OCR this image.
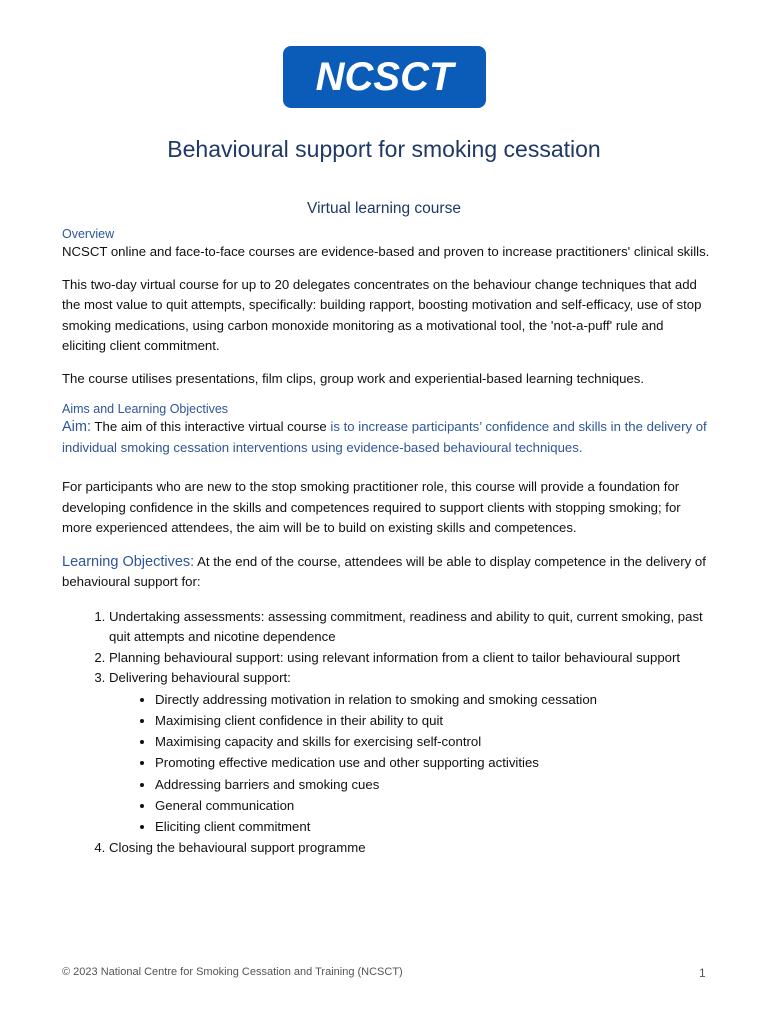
NCSCT
Behavioural support for smoking cessation
Virtual learning course
Overview

NCSCT online and face-to-face courses are evidence-based and proven to increase practitioners' clinical skills.

This two-day virtual course for up to 20 delegates concentrates on the behaviour change techniques that add the most value to quit attempts, specifically: building rapport, boosting motivation and self-efficacy, use of stop smoking medications, using carbon monoxide monitoring as a motivational tool, the 'not-a-puff' rule and eliciting client commitment.

The course utilises presentations, film clips, group work and experiential-based learning techniques.

Aims and Learning Objectives

Aim: The aim of this interactive virtual course is to increase participants’ confidence and skills in the delivery of individual smoking cessation interventions using evidence-based behavioural techniques.

For participants who are new to the stop smoking practitioner role, this course will provide a foundation for developing confidence in the skills and competences required to support clients with stopping smoking; for more experienced attendees, the aim will be to build on existing skills and competences.

Learning Objectives: At the end of the course, attendees will be able to display competence in the delivery of behavioural support for:

1. Undertaking assessments: assessing commitment, readiness and ability to quit, current smoking, past quit attempts and nicotine dependence
2. Planning behavioural support: using relevant information from a client to tailor behavioural support
3. Delivering behavioural support:
• Directly addressing motivation in relation to smoking and smoking cessation
• Maximising client confidence in their ability to quit
• Maximising capacity and skills for exercising self-control
• Promoting effective medication use and other supporting activities
• Addressing barriers and smoking cues
• General communication
• Eliciting client commitment
4. Closing the behavioural support programme
© 2023 National Centre for Smoking Cessation and Training (NCSCT)	1
